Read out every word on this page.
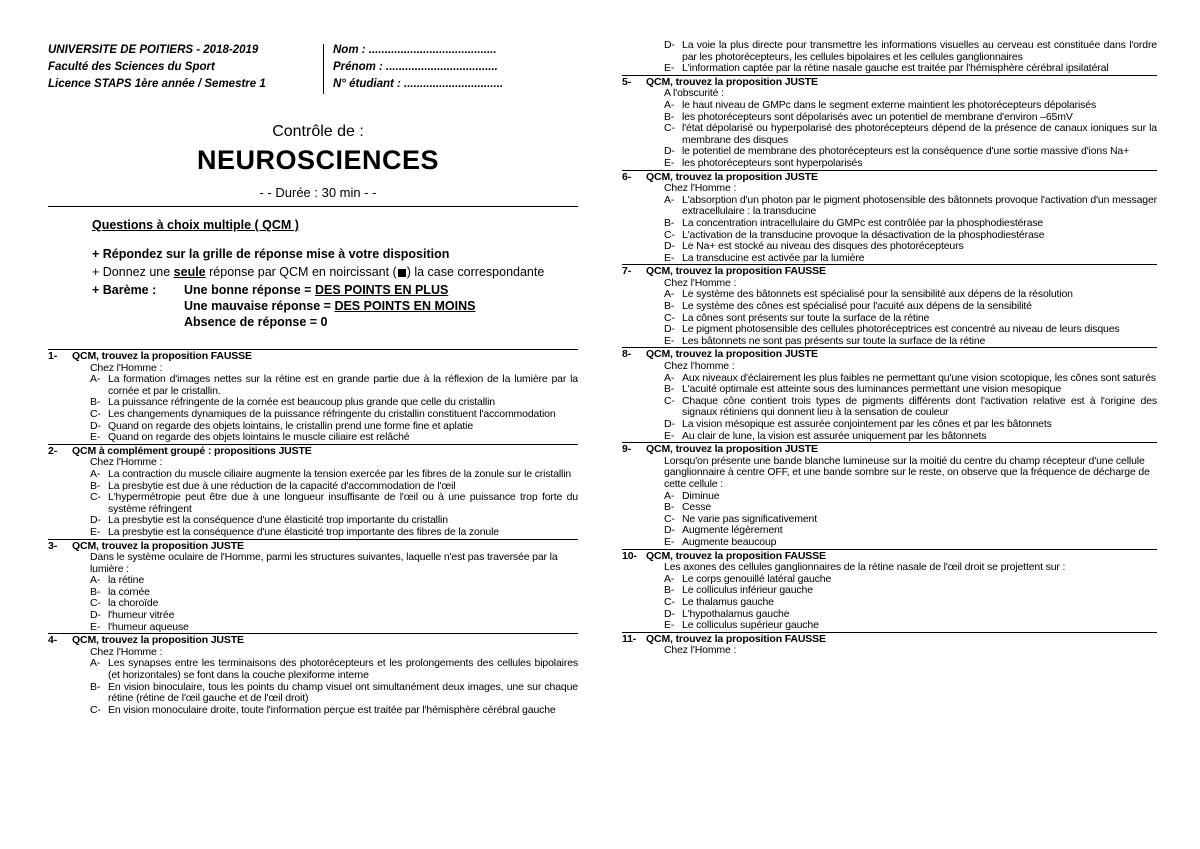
UNIVERSITE DE POITIERS - 2018-2019
Faculté des Sciences du Sport
Licence STAPS 1ère année / Semestre 1
Nom : ........................................
Prénom : ...................................
N° étudiant : ...............................
Contrôle de :
NEUROSCIENCES
- - Durée : 30 min - -

Questions à choix multiple ( QCM )

+ Répondez sur la grille de réponse mise à votre disposition

+ Donnez une seule réponse par QCM en noircissant ( ) la case correspondante

+ Barème : Une bonne réponse = DES POINTS EN PLUS

Une mauvaise réponse = DES POINTS EN MOINS

Absence de réponse = 0

1- QCM, trouvez la proposition FAUSSE
Chez l'Homme :
A- La formation d'images nettes sur la rétine est en grande partie due à la réflexion de la lumière par la cornée et par le cristallin.
B- La puissance réfringente de la cornée est beaucoup plus grande que celle du cristallin
C- Les changements dynamiques de la puissance réfringente du cristallin constituent l'accommodation
D- Quand on regarde des objets lointains, le cristallin prend une forme fine et aplatie
E- Quand on regarde des objets lointains le muscle ciliaire est relâché
2- QCM à complément groupé : propositions JUSTE
Chez l'Homme :
A- La contraction du muscle ciliaire augmente la tension exercée par les fibres de la zonule sur le cristallin
B- La presbytie est due à une réduction de la capacité d'accommodation de l'œil
C- L'hypermétropie peut être due à une longueur insuffisante de l'œil ou à une puissance trop forte du système réfringent
D- La presbytie est la conséquence d'une élasticité trop importante du cristallin
E- La presbytie est la conséquence d'une élasticité trop importante des fibres de la zonule
3- QCM, trouvez la proposition JUSTE
Dans le système oculaire de l'Homme, parmi les structures suivantes, laquelle n'est pas traversée par la lumière :
A- la rétine
B- la cornée
C- la choroïde
D- l'humeur vitrée
E- l'humeur aqueuse
4- QCM, trouvez la proposition JUSTE
Chez l'Homme :
A- Les synapses entre les terminaisons des photorécepteurs et les prolongements des cellules bipolaires (et horizontales) se font dans la couche plexiforme interne
B- En vision binoculaire, tous les points du champ visuel ont simultanément deux images, une sur chaque rétine (rétine de l'œil gauche et de l'œil droit)
C- En vision monoculaire droite, toute l'information perçue est traitée par l'hémisphère cérébral gauche
D- La voie la plus directe pour transmettre les informations visuelles au cerveau est constituée dans l'ordre par les photorécepteurs, les cellules bipolaires et les cellules ganglionnaires
E- L'information captée par la rétine nasale gauche est traitée par l'hémisphère cérébral ipsilatéral
5- QCM, trouvez la proposition JUSTE
A l'obscurité :
A- le haut niveau de GMPc dans le segment externe maintient les photorécepteurs dépolarisés
B- les photorécepteurs sont dépolarisés avec un potentiel de membrane d'environ –65mV
C- l'état dépolarisé ou hyperpolarisé des photorécepteurs dépend de la présence de canaux ioniques sur la membrane des disques
D- le potentiel de membrane des photorécepteurs est la conséquence d'une sortie massive d'ions Na+
E- les photorécepteurs sont hyperpolarisés
6- QCM, trouvez la proposition JUSTE
Chez l'Homme :
A- L'absorption d'un photon par le pigment photosensible des bâtonnets provoque l'activation d'un messager extracellulaire : la transducine
B- La concentration intracellulaire du GMPc est contrôlée par la phosphodiestérase
C- L'activation de la transducine provoque la désactivation de la phosphodiestérase
D- Le Na+ est stocké au niveau des disques des photorécepteurs
E- La transducine est activée par la lumière
7- QCM, trouvez la proposition FAUSSE
Chez l'Homme :
A- Le système des bâtonnets est spécialisé pour la sensibilité aux dépens de la résolution
B- Le système des cônes est spécialisé pour l'acuité aux dépens de la sensibilité
C- La cônes sont présents sur toute la surface de la rétine
D- Le pigment photosensible des cellules photoréceptrices est concentré au niveau de leurs disques
E- Les bâtonnets ne sont pas présents sur toute la surface de la rétine
8- QCM, trouvez la proposition JUSTE
Chez l'homme :
A- Aux niveaux d'éclairement les plus faibles ne permettant qu'une vision scotopique, les cônes sont saturés
B- L'acuité optimale est atteinte sous des luminances permettant une vision mesopique
C- Chaque cône contient trois types de pigments différents dont l'activation relative est à l'origine des signaux rétiniens qui donnent lieu à la sensation de couleur
D- La vision mésopique est assurée conjointement par les cônes et par les bâtonnets
E- Au clair de lune, la vision est assurée uniquement par les bâtonnets
9- QCM, trouvez la proposition JUSTE
Lorsqu'on présente une bande blanche lumineuse sur la moitié du centre du champ récepteur d'une cellule ganglionnaire à centre OFF, et une bande sombre sur le reste, on observe que la fréquence de décharge de cette cellule :
A- Diminue
B- Cesse
C- Ne varie pas significativement
D- Augmente légèrement
E- Augmente beaucoup
10- QCM, trouvez la proposition FAUSSE
Les axones des cellules ganglionnaires de la rétine nasale de l'œil droit se projettent sur :
A- Le corps genouillé latéral gauche
B- Le colliculus inférieur gauche
C- Le thalamus gauche
D- L'hypothalamus gauche
E- Le colliculus supérieur gauche
11- QCM, trouvez la proposition FAUSSE
Chez l'Homme :
